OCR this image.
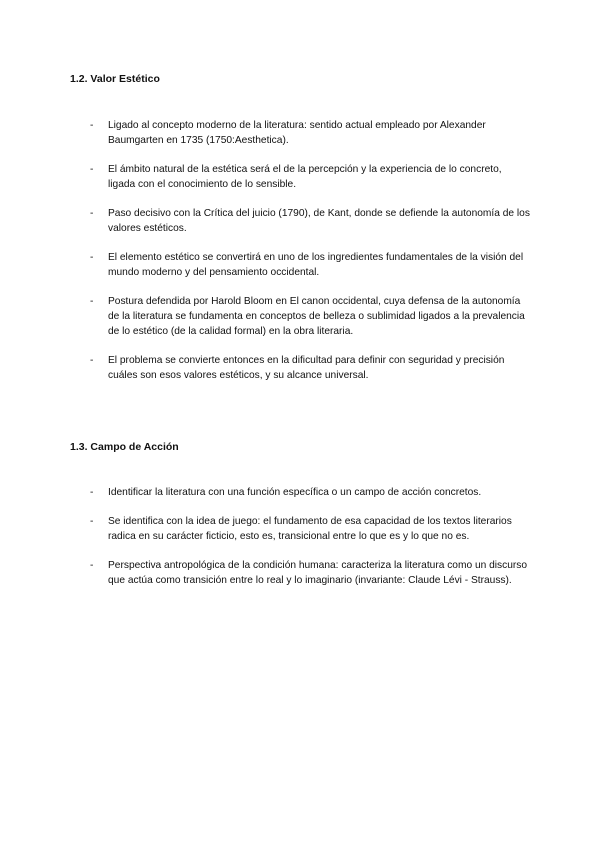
1.2. Valor Estético
- Ligado al concepto moderno de la literatura: sentido actual empleado por Alexander Baumgarten en 1735 (1750:Aesthetica).
- El ámbito natural de la estética será el de la percepción y la experiencia de lo concreto, ligada con el conocimiento de lo sensible.
- Paso decisivo con la Crítica del juicio (1790), de Kant, donde se defiende la autonomía de los valores estéticos.
- El elemento estético se convertirá en uno de los ingredientes fundamentales de la visión del mundo moderno y del pensamiento occidental.
- Postura defendida por Harold Bloom en El canon occidental, cuya defensa de la autonomía de la literatura se fundamenta en conceptos de belleza o sublimidad ligados a la prevalencia de lo estético (de la calidad formal) en la obra literaria.
- El problema se convierte entonces en la dificultad para definir con seguridad y precisión cuáles son esos valores estéticos, y su alcance universal.
1.3. Campo de Acción
- Identificar la literatura con una función específica o un campo de acción concretos.
- Se identifica con la idea de juego: el fundamento de esa capacidad de los textos literarios radica en su carácter ficticio, esto es, transicional entre lo que es y lo que no es.
- Perspectiva antropológica de la condición humana: caracteriza la literatura como un discurso que actúa como transición entre lo real y lo imaginario (invariante: Claude Lévi - Strauss).
